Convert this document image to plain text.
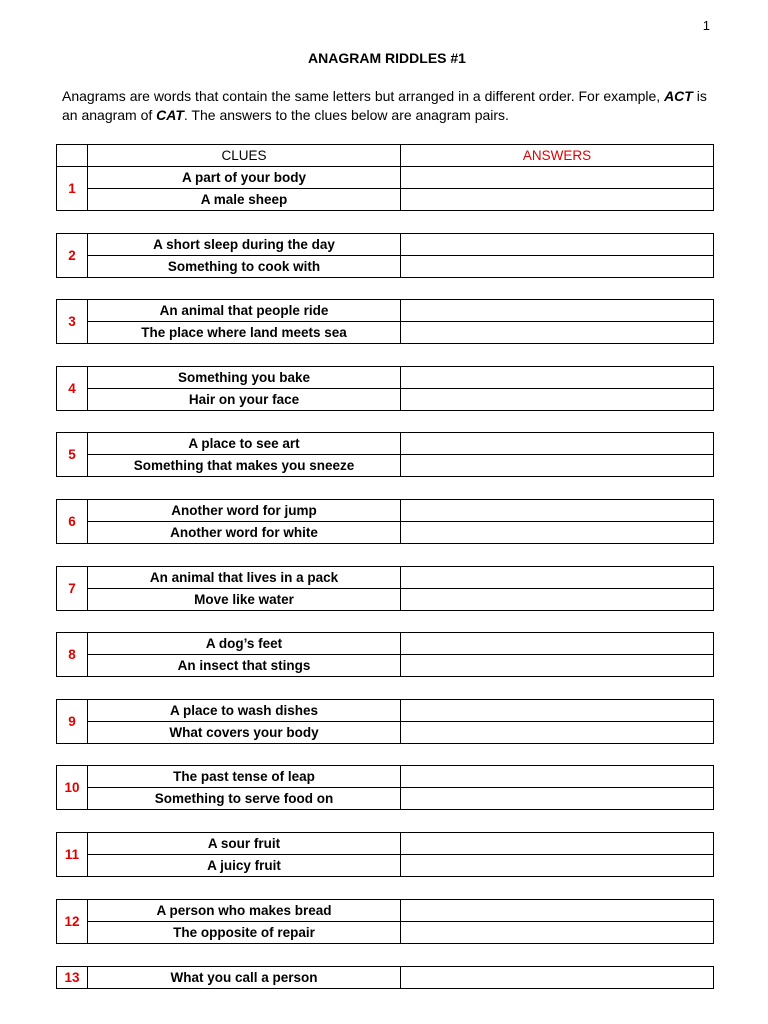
1
ANAGRAM RIDDLES #1

Anagrams are words that contain the same letters but arranged in a different order. For example, ACT is an anagram of CAT. The answers to the clues below are anagram pairs.

	CLUES	ANSWERS
1	A part of your body	
	A male sheep	
2	A short sleep during the day	
	Something to cook with	
3	An animal that people ride	
	The place where land meets sea	
4	Something you bake	
	Hair on your face	
5	A place to see art	
	Something that makes you sneeze	
6	Another word for jump	
	Another word for white	
7	An animal that lives in a pack	
	Move like water	
8	A dog’s feet	
	An insect that stings	
9	A place to wash dishes	
	What covers your body	
10	The past tense of leap	
	Something to serve food on	
11	A sour fruit	
	A juicy fruit	
12	A person who makes bread	
	The opposite of repair	
13	What you call a person	
